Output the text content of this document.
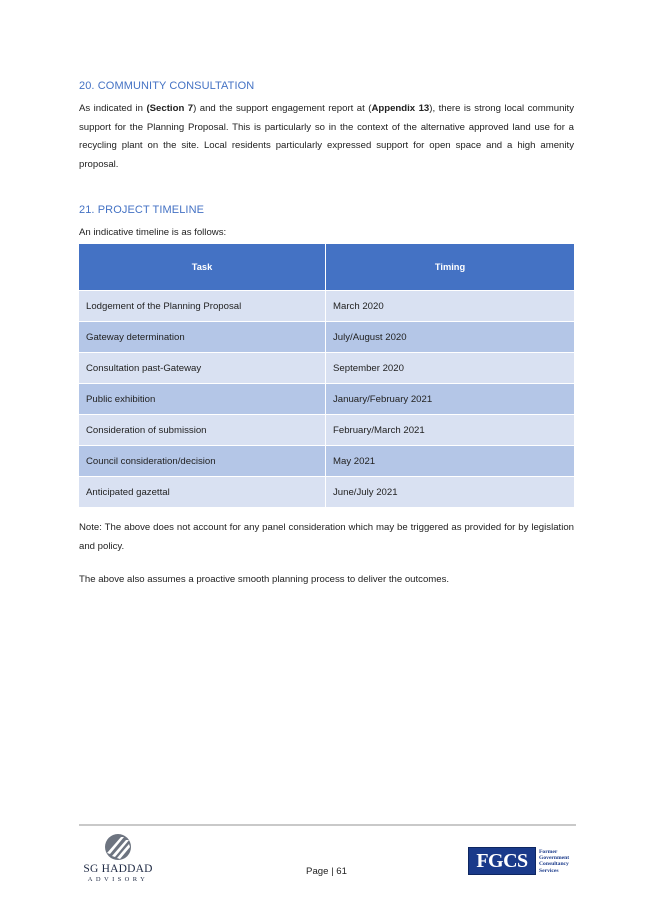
20. COMMUNITY CONSULTATION

As indicated in (Section 7) and the support engagement report at (Appendix 13), there is strong local community support for the Planning Proposal. This is particularly so in the context of the alternative approved land use for a recycling plant on the site. Local residents particularly expressed support for open space and a high amenity proposal.

21. PROJECT TIMELINE

An indicative timeline is as follows:

Task	Timing
Lodgement of the Planning Proposal	March 2020
Gateway determination	July/August 2020
Consultation past-Gateway	September 2020
Public exhibition	January/February 2021
Consideration of submission	February/March 2021
Council consideration/decision	May 2021
Anticipated gazettal	June/July 2021

Note: The above does not account for any panel consideration which may be triggered as provided for by legislation and policy.

The above also assumes a proactive smooth planning process to deliver the outcomes.

SG HADDAD
ADVISORY
Page | 61	FGCS	Former
Government
Consultancy
Services
